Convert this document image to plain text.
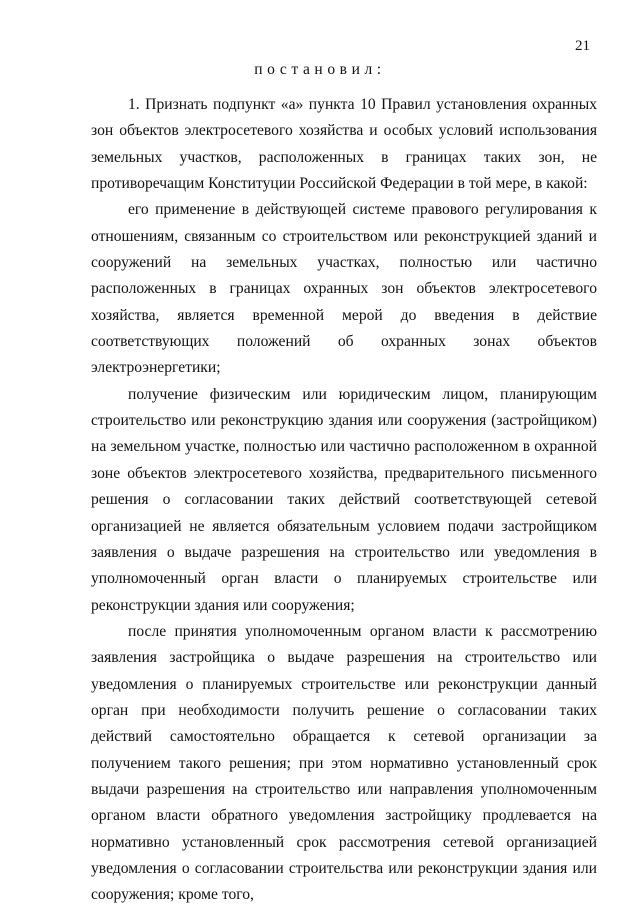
21
постановил:

1. Признать подпункт «а» пункта 10 Правил установления охранных зон объектов электросетевого хозяйства и особых условий использования земельных участков, расположенных в границах таких зон, не противоречащим Конституции Российской Федерации в той мере, в какой:

его применение в действующей системе правового регулирования к отношениям, связанным со строительством или реконструкцией зданий и сооружений на земельных участках, полностью или частично расположенных в границах охранных зон объектов электросетевого хозяйства, является временной мерой до введения в действие соответствующих положений об охранных зонах объектов электроэнергетики;

получение физическим или юридическим лицом, планирующим строительство или реконструкцию здания или сооружения (застройщиком) на земельном участке, полностью или частично расположенном в охранной зоне объектов электросетевого хозяйства, предварительного письменного решения о согласовании таких действий соответствующей сетевой организацией не является обязательным условием подачи застройщиком заявления о выдаче разрешения на строительство или уведомления в уполномоченный орган власти о планируемых строительстве или реконструкции здания или сооружения;

после принятия уполномоченным органом власти к рассмотрению заявления застройщика о выдаче разрешения на строительство или уведомления о планируемых строительстве или реконструкции данный орган при необходимости получить решение о согласовании таких действий самостоятельно обращается к сетевой организации за получением такого решения; при этом нормативно установленный срок выдачи разрешения на строительство или направления уполномоченным органом власти обратного уведомления застройщику продлевается на нормативно установленный срок рассмотрения сетевой организацией уведомления о согласовании строительства или реконструкции здания или сооружения; кроме того,
